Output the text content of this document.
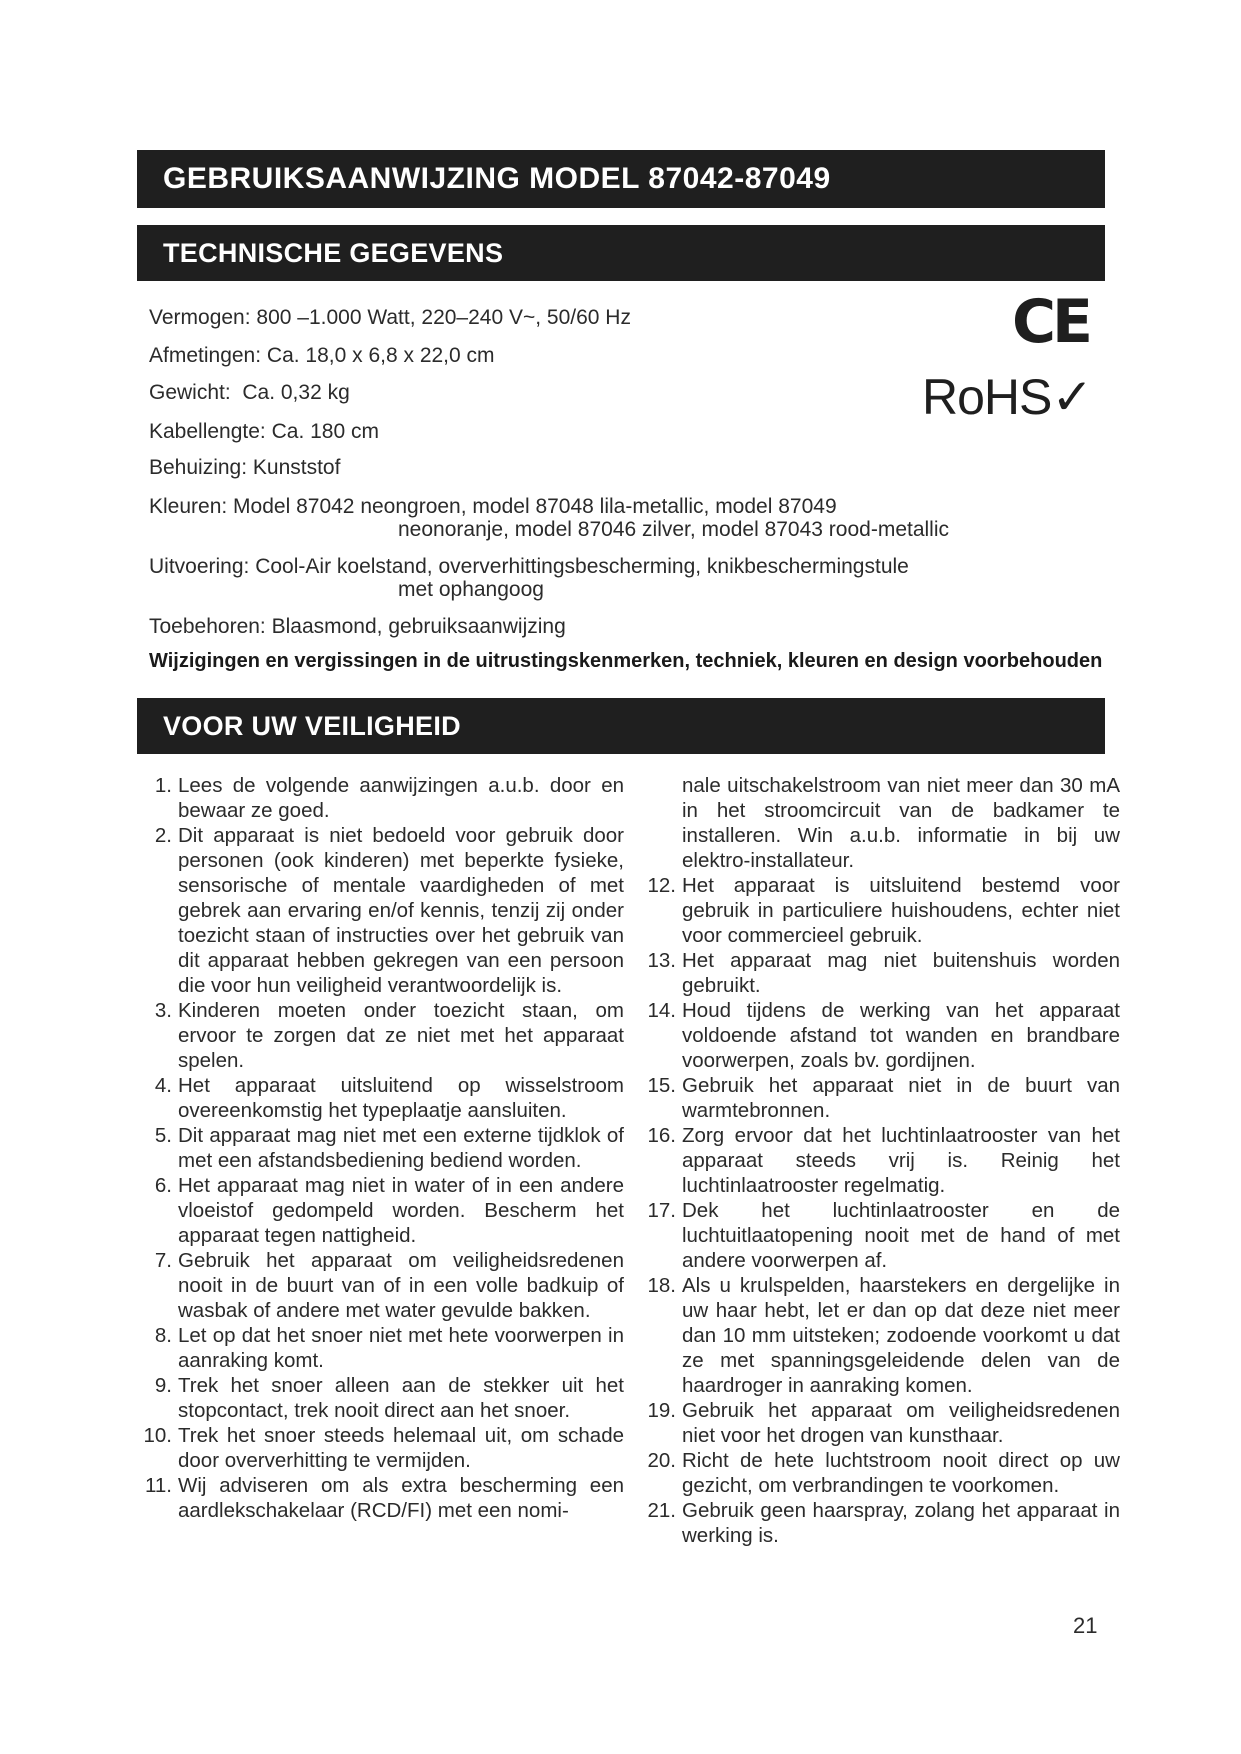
GEBRUIKSAANWIJZING MODEL 87042-87049
TECHNISCHE GEGEVENS
Vermogen: 800 –1.000 Watt, 220–240 V~, 50/60 Hz
Afmetingen: Ca. 18,0 x 6,8 x 22,0 cm
Gewicht:  Ca. 0,32 kg
Kabellengte: Ca. 180 cm
Behuizing: Kunststof
Kleuren: Model 87042 neongroen, model 87048 lila-metallic, model 87049
neonoranje, model 87046 zilver, model 87043 rood-metallic
Uitvoering: Cool-Air koelstand, oververhittingsbescherming, knikbeschermingstule
met ophangoog
Toebehoren: Blaasmond, gebruiksaanwijzing
Wijzigingen en vergissingen in de uitrustingskenmerken, techniek, kleuren en design voorbehouden
CE
RoHS✓
VOOR UW VEILIGHEID
1. Lees de volgende aanwijzingen a.u.b. door en bewaar ze goed.
2. Dit apparaat is niet bedoeld voor gebruik door personen (ook kinderen) met beperkte fysieke, sensorische of mentale vaardigheden of met gebrek aan ervaring en/of kennis, tenzij zij onder toezicht staan of instructies over het gebruik van dit apparaat hebben gekregen van een persoon die voor hun veiligheid verantwoordelijk is.
3. Kinderen moeten onder toezicht staan, om ervoor te zorgen dat ze niet met het apparaat spelen.
4. Het apparaat uitsluitend op wisselstroom overeenkomstig het typeplaatje aansluiten.
5. Dit apparaat mag niet met een externe tijdklok of met een afstandsbediening bediend worden.
6. Het apparaat mag niet in water of in een andere vloeistof gedompeld worden. Bescherm het apparaat tegen nattigheid.
7. Gebruik het apparaat om veiligheidsredenen nooit in de buurt van of in een volle badkuip of wasbak of andere met water gevulde bakken.
8. Let op dat het snoer niet met hete voorwerpen in aanraking komt.
9. Trek het snoer alleen aan de stekker uit het stopcontact, trek nooit direct aan het snoer.
10. Trek het snoer steeds helemaal uit, om schade door oververhitting te vermijden.
11. Wij adviseren om als extra bescherming een aardlekschakelaar (RCD/FI) met een nomi-
nale uitschakelstroom van niet meer dan 30 mA in het stroomcircuit van de badkamer te installeren. Win a.u.b. informatie in bij uw elektro-installateur.
12. Het apparaat is uitsluitend bestemd voor gebruik in particuliere huishoudens, echter niet voor commercieel gebruik.
13. Het apparaat mag niet buitenshuis worden gebruikt.
14. Houd tijdens de werking van het apparaat voldoende afstand tot wanden en brandbare voorwerpen, zoals bv. gordijnen.
15. Gebruik het apparaat niet in de buurt van warmtebronnen.
16. Zorg ervoor dat het luchtinlaatrooster van het apparaat steeds vrij is. Reinig het luchtinlaatrooster regelmatig.
17. Dek het luchtinlaatrooster en de luchtuitlaatopening nooit met de hand of met andere voorwerpen af.
18. Als u krulspelden, haarstekers en dergelijke in uw haar hebt, let er dan op dat deze niet meer dan 10 mm uitsteken; zodoende voorkomt u dat ze met spanningsgeleidende delen van de haardroger in aanraking komen.
19. Gebruik het apparaat om veiligheidsredenen niet voor het drogen van kunsthaar.
20. Richt de hete luchtstroom nooit direct op uw gezicht, om verbrandingen te voorkomen.
21. Gebruik geen haarspray, zolang het apparaat in werking is.
21
